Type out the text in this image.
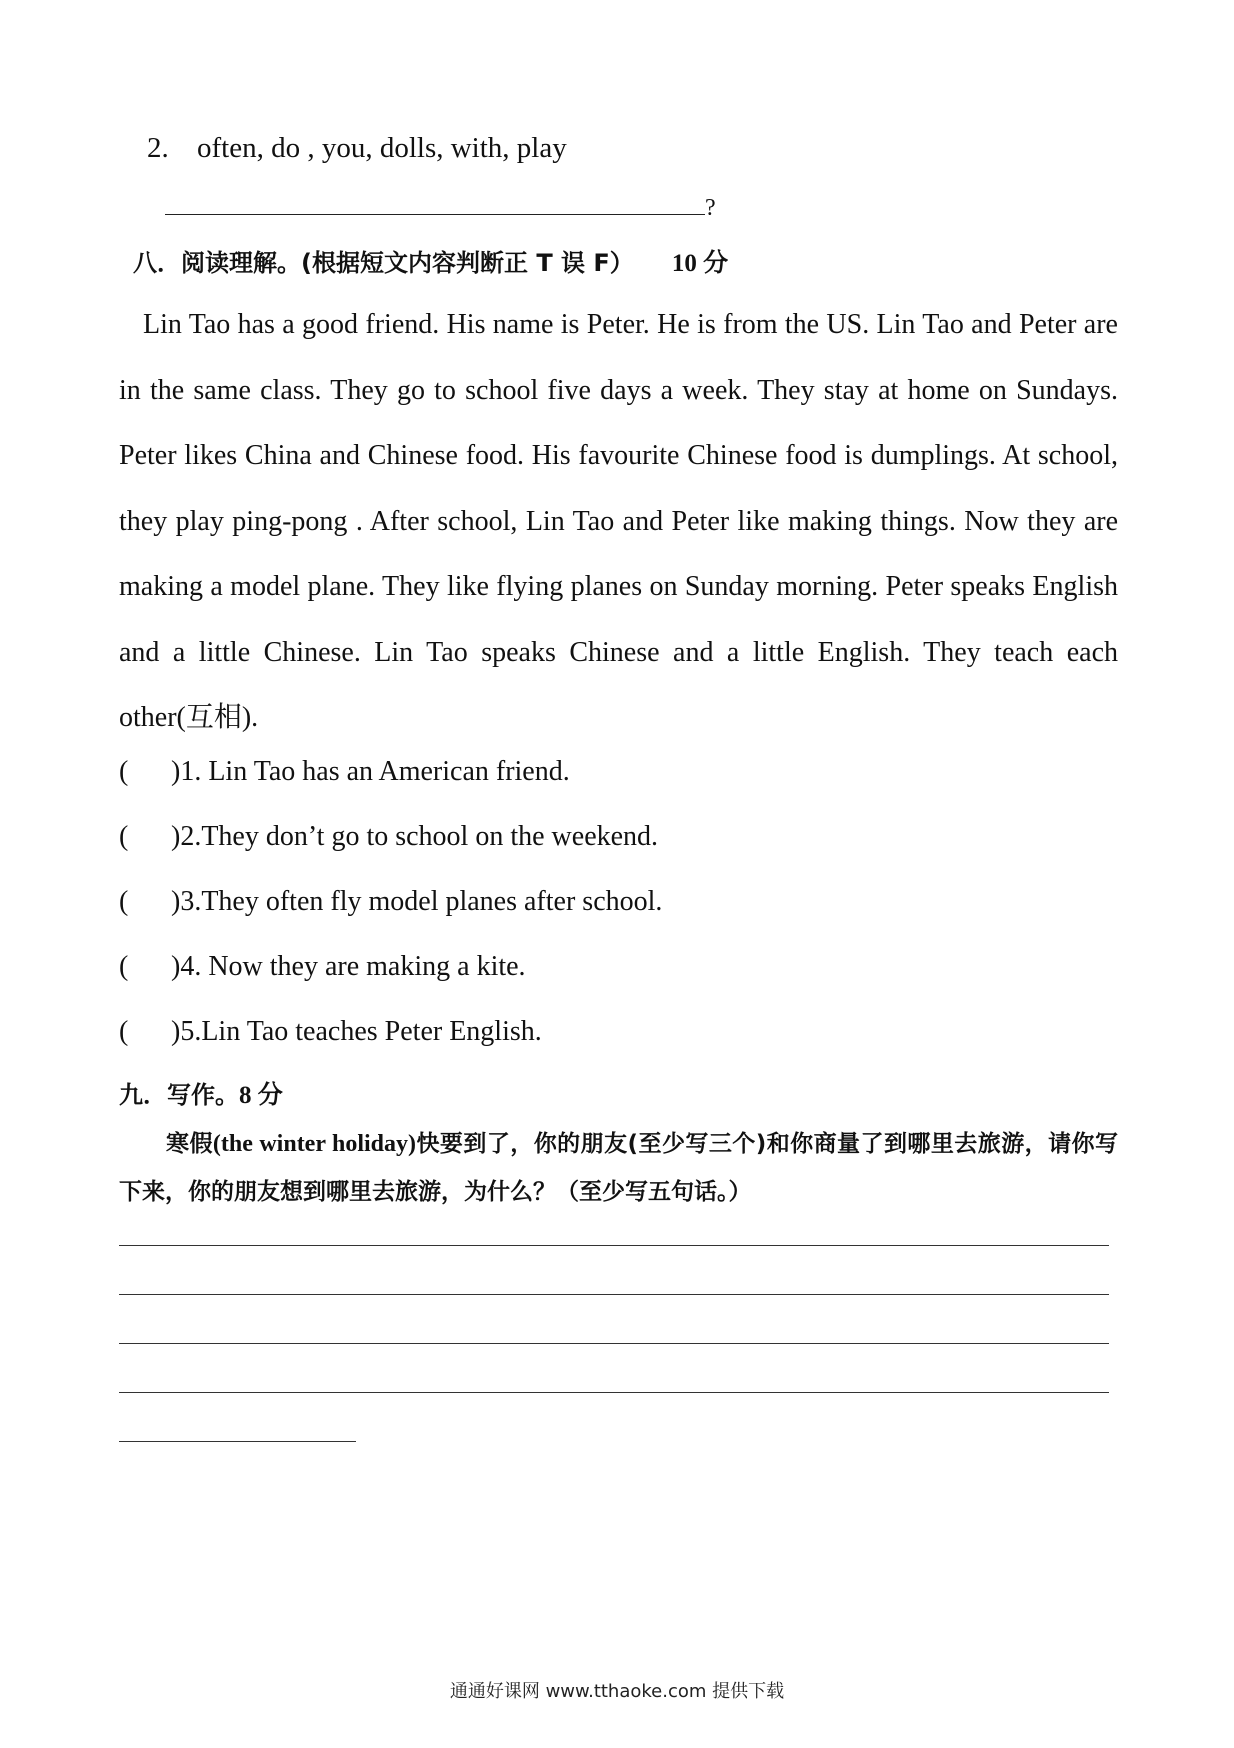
2. often, do , you, dolls, with, play
?
八．阅读理解。(根据短文内容判断正 T 误 F） 10 分
Lin Tao has a good friend. His name is Peter. He is from the US. Lin Tao and Peter are in the same class. They go to school five days a week. They stay at home on Sundays. Peter likes China and Chinese food. His favourite Chinese food is dumplings. At school, they play ping-pong . After school, Lin Tao and Peter like making things. Now they are making a model plane. They like flying planes on Sunday morning. Peter speaks English and a little Chinese. Lin Tao speaks Chinese and a little English. They teach each other(互相).
( )1. Lin Tao has an American friend.
( )2.They don’t go to school on the weekend.
( )3.They often fly model planes after school.
( )4. Now they are making a kite.
( )5.Lin Tao teaches Peter English.
九．写作。8 分
寒假(the winter holiday)快要到了，你的朋友(至少写三个)和你商量了到哪里去旅游，请你写下来，你的朋友想到哪里去旅游，为什么？（至少写五句话。）
通通好课网 www.tthaoke.com 提供下载
